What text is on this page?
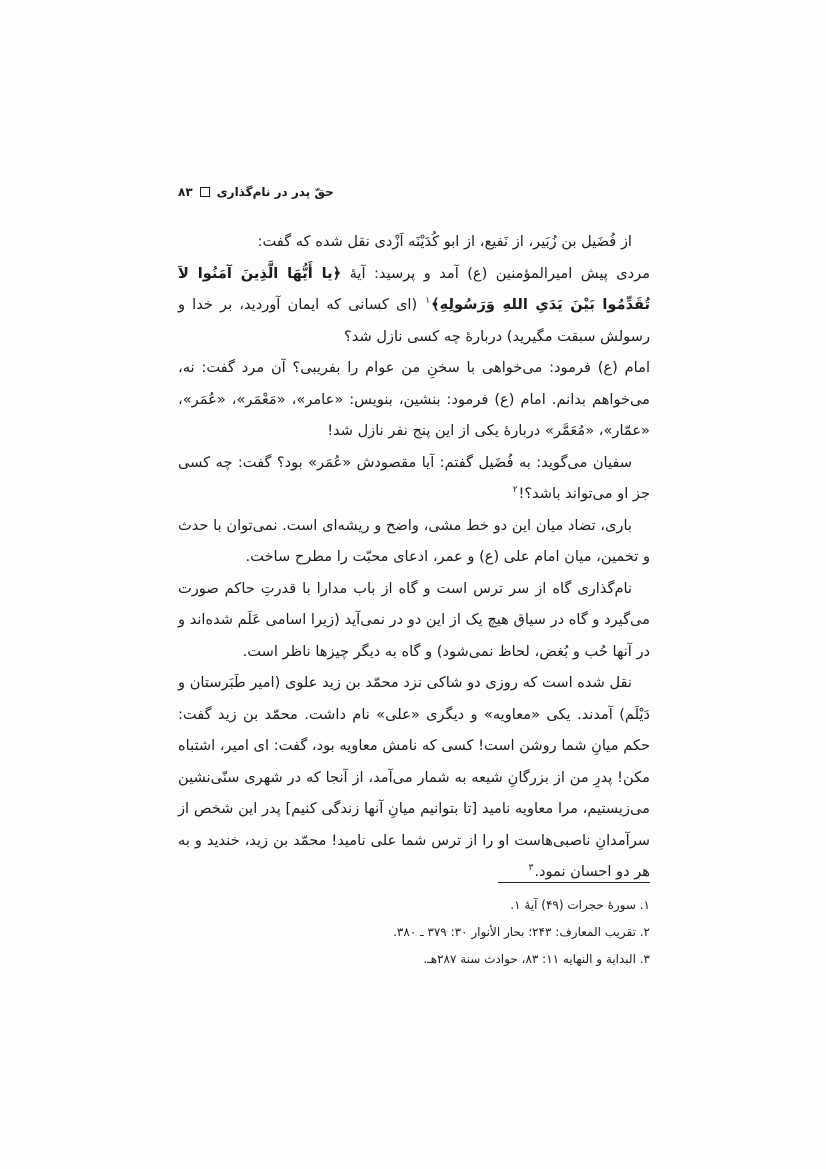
حقّ پدر در نام‌گذاری
۸۳

از فُضَیل بن زُبَیر، از نَفیع، از ابو کُدَیْنَه اَزْدی نقل شده که گفت:

مردی پیش امیرالمؤمنین (ع) آمد و پرسید: آیهٔ ﴿یا أَیُّهَا الَّذِینَ آمَنُوا لاَ تُقَدِّمُوا بَیْنَ یَدَیِ اللهِ وَرَسُولِهِ﴾$^۱$ (ای کسانی که ایمان آوردید، بر خدا و رسولش سبقت مگیرید) دربارهٔ چه کسی نازل شد؟

امام (ع) فرمود: می‌خواهی با سخنِ من عوام را بفریبی؟ آن مرد گفت: نه، می‌خواهم بدانم. امام (ع) فرمود: بنشین، بنویس: «عامر»، «مَعْمَر»، «عُمَر»، «عمّار»، «مُعَمَّر» دربارهٔ یکی از این پنج نفر نازل شد!

سفیان می‌گوید: به فُضَیل گفتم: آیا مقصودش «عُمَر» بود؟ گفت: چه کسی جز او می‌تواند باشد؟!$^۲$

باری، تضاد میان این دو خط مشی، واضح و ریشه‌ای است. نمی‌توان با حدث و تخمین، میان امام علی (ع) و عمر، ادعای محبّت را مطرح ساخت.

نام‌گذاری گاه از سر ترس است و گاه از باب مدارا با قدرتِ حاکم صورت می‌گیرد و گاه در سیاق هیچ یک از این دو در نمی‌آید (زیرا اسامی عَلَم شده‌اند و در آنها حُب و بُغض، لحاظ نمی‌شود) و گاه به دیگر چیزها ناظر است.

نقل شده است که روزی دو شاکی نزد محمّد بن زید علوی (امیر طَبَرستان و دَیْلَم) آمدند. یکی «معاویه» و دیگری «علی» نام داشت. محمّد بن زید گفت: حکم میانِ شما روشن است! کسی که نامش معاویه بود، گفت: ای امیر، اشتباه مکن! پدرِ من از بزرگانِ شیعه به شمار می‌آمد، از آنجا که در شهری سنّی‌نشین می‌زیستیم، مرا معاویه نامید [تا بتوانیم میانِ آنها زندگی کنیم] پدر این شخص از سرآمدانِ ناصبی‌هاست او را از ترس شما علی نامید! محمّد بن زید، خندید و به هر دو احسان نمود.$^۳$

۱. سورهٔ حجرات (۴۹) آیهٔ ۱.

۲. تقریب المعارف: ۲۴۳؛ بحار الأنوار ۳۰: ۳۷۹ ـ ۳۸۰.

۳. البدایة و النهایه ۱۱: ۸۳، حوادث سنة ۲۸۷هـ.
